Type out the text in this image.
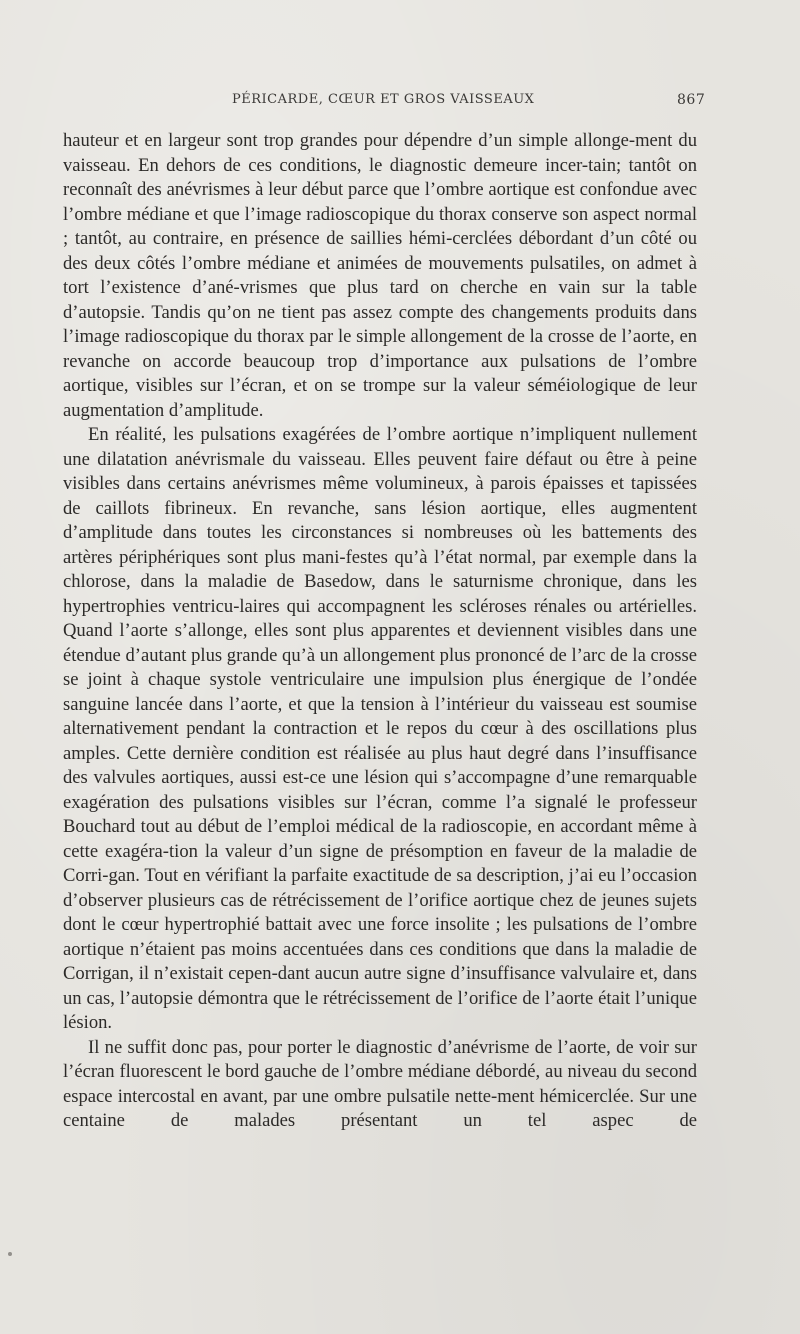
PÉRICARDE, CŒUR ET GROS VAISSEAUX	867

hauteur et en largeur sont trop grandes pour dépendre d’un simple allonge-ment du vaisseau. En dehors de ces conditions, le diagnostic demeure incer-tain; tantôt on reconnaît des anévrismes à leur début parce que l’ombre aortique est confondue avec l’ombre médiane et que l’image radioscopique du thorax conserve son aspect normal ; tantôt, au contraire, en présence de saillies hémi-cerclées débordant d’un côté ou des deux côtés l’ombre médiane et animées de mouvements pulsatiles, on admet à tort l’existence d’ané-vrismes que plus tard on cherche en vain sur la table d’autopsie. Tandis qu’on ne tient pas assez compte des changements produits dans l’image radioscopique du thorax par le simple allongement de la crosse de l’aorte, en revanche on accorde beaucoup trop d’importance aux pulsations de l’ombre aortique, visibles sur l’écran, et on se trompe sur la valeur séméiologique de leur augmentation d’amplitude.

En réalité, les pulsations exagérées de l’ombre aortique n’impliquent nullement une dilatation anévrismale du vaisseau. Elles peuvent faire défaut ou être à peine visibles dans certains anévrismes même volumineux, à parois épaisses et tapissées de caillots fibrineux. En revanche, sans lésion aortique, elles augmentent d’amplitude dans toutes les circonstances si nombreuses où les battements des artères périphériques sont plus mani-festes qu’à l’état normal, par exemple dans la chlorose, dans la maladie de Basedow, dans le saturnisme chronique, dans les hypertrophies ventricu-laires qui accompagnent les scléroses rénales ou artérielles. Quand l’aorte s’allonge, elles sont plus apparentes et deviennent visibles dans une étendue d’autant plus grande qu’à un allongement plus prononcé de l’arc de la crosse se joint à chaque systole ventriculaire une impulsion plus énergique de l’ondée sanguine lancée dans l’aorte, et que la tension à l’intérieur du vaisseau est soumise alternativement pendant la contraction et le repos du cœur à des oscillations plus amples. Cette dernière condition est réalisée au plus haut degré dans l’insuffisance des valvules aortiques, aussi est-ce une lésion qui s’accompagne d’une remarquable exagération des pulsations visibles sur l’écran, comme l’a signalé le professeur Bouchard tout au début de l’emploi médical de la radioscopie, en accordant même à cette exagéra-tion la valeur d’un signe de présomption en faveur de la maladie de Corri-gan. Tout en vérifiant la parfaite exactitude de sa description, j’ai eu l’occasion d’observer plusieurs cas de rétrécissement de l’orifice aortique chez de jeunes sujets dont le cœur hypertrophié battait avec une force insolite ; les pulsations de l’ombre aortique n’étaient pas moins accentuées dans ces conditions que dans la maladie de Corrigan, il n’existait cepen-dant aucun autre signe d’insuffisance valvulaire et, dans un cas, l’autopsie démontra que le rétrécissement de l’orifice de l’aorte était l’unique lésion.

Il ne suffit donc pas, pour porter le diagnostic d’anévrisme de l’aorte, de voir sur l’écran fluorescent le bord gauche de l’ombre médiane débordé, au niveau du second espace intercostal en avant, par une ombre pulsatile nette-ment hémicerclée. Sur une centaine de malades présentant un tel aspec de
